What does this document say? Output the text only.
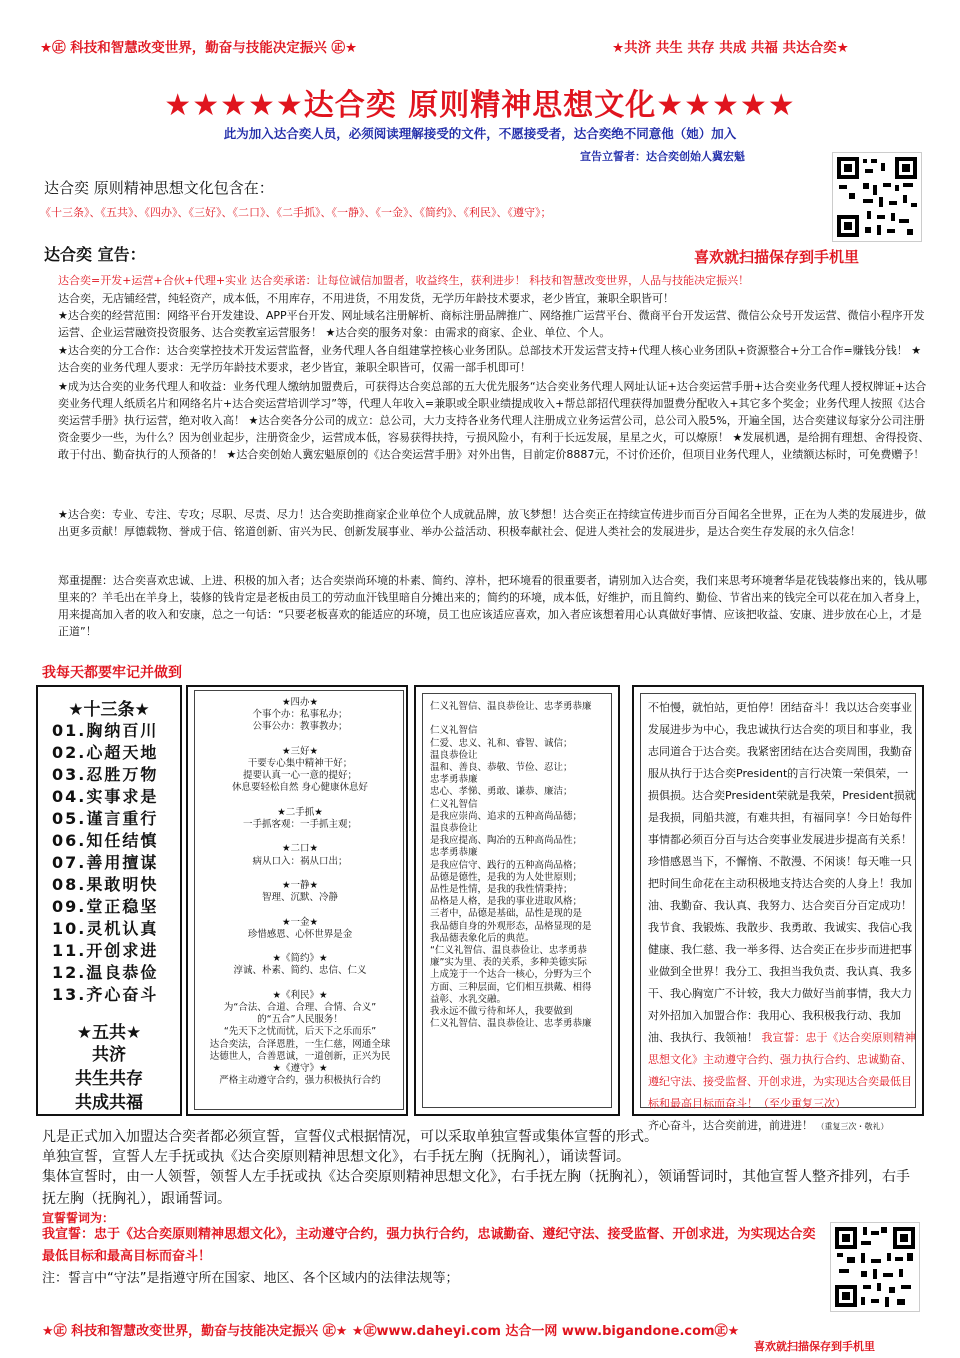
★㊣ 科技和智慧改变世界，勤奋与技能决定振兴 ㊣★	★共济 共生 共存 共成 共福 共达合奕★
★★★★★达合奕 原则精神思想文化★★★★★
此为加入达合奕人员，必须阅读理解接受的文件，不愿接受者，达合奕绝不同意他（她）加入
宣告立誓者：达合奕创始人冀宏魁
达合奕 原则精神思想文化包含在：
《十三条》、《五共》、《四办》、《三好》、《二口》、《二手抓》、《一静》、《一金》、《简约》、《利民》、《遵守》；
达合奕 宣告：	喜欢就扫描保存到手机里
达合奕=开发+运营+合伙+代理+实业 达合奕承诺：让每位诚信加盟者，收益终生，获利进步！ 科技和智慧改变世界，人品与技能决定振兴！
达合奕，无店铺经营，纯轻资产，成本低，不用库存，不用进货，不用发货，无学历年龄技术要求，老少皆宜，兼职全职皆可！
★达合奕的经营范围：网络平台开发建设、APP平台开发、网址域名注册解析、商标注册品牌推广、网络推广运营平台、微商平台开发运营、微信公众号开发运营、微信小程序开发运营、企业运营融资投资服务、达合奕教室运营服务！ ★达合奕的服务对象：由需求的商家、企业、单位、个人。
★达合奕的分工合作：达合奕掌控技术开发运营监督，业务代理人各自组建掌控核心业务团队。总部技术开发运营支持+代理人核心业务团队+资源整合+分工合作=赚钱分钱！ ★达合奕的业务代理人要求：无学历年龄技术要求，老少皆宜，兼职全职皆可，仅需一部手机即可！
★成为达合奕的业务代理人和收益：业务代理人缴纳加盟费后，可获得达合奕总部的五大优先服务“达合奕业务代理人网址认证+达合奕运营手册+达合奕业务代理人授权牌证+达合奕业务代理人纸质名片和网络名片+达合奕运营培训学习”等，代理人年收入=兼职或全职业绩提成收入+帮总部招代理获得加盟费分配收入+其它多个奖金；业务代理人按照《达合奕运营手册》执行运营，绝对收入高！ ★达合奕各分公司的成立：总公司，大力支持各业务代理人注册成立业务运营公司，总公司入股5%，开遍全国，达合奕建议每家分公司注册资金要少一些，为什么？因为创业起步，注册资金少，运营成本低，容易获得扶持，亏损风险小，有利于长远发展，星星之火，可以燎原！ ★发展机遇，是给拥有理想、舍得投资、敢于付出、勤奋执行的人预备的！ ★达合奕创始人冀宏魁原创的《达合奕运营手册》对外出售，目前定价8887元，不讨价还价，但项目业务代理人，业绩额达标时，可免费赠予！
★达合奕：专业、专注、专攻；尽职、尽责、尽力！达合奕助推商家企业单位个人成就品牌，放飞梦想！达合奕正在持续宣传进步而百分百闻名全世界，正在为人类的发展进步，做出更多贡献！厚德载物、誉成于信、铭道创新、宙兴为民、创新发展事业、举办公益活动、积极奉献社会、促进人类社会的发展进步，是达合奕生存发展的永久信念！
郑重提醒：达合奕喜欢忠诚、上进、积极的加入者；达合奕崇尚环境的朴素、简约、淳朴，把环境看的很重要者，请别加入达合奕，我们来思考环境奢华是花钱装修出来的，钱从哪里来的？羊毛出在羊身上，装修的钱肯定是老板由员工的劳动血汗钱里暗自分摊出来的；简约的环境，成本低，好维护，而且简约、勤俭、节省出来的钱完全可以花在加入者身上，用来提高加入者的收入和安康，总之一句话：“只要老板喜欢的能适应的环境，员工也应该适应喜欢，加入者应该想着用心认真做好事情、应该把收益、安康、进步放在心上，才是正道”！
我每天都要牢记并做到
★十三条★
01.胸纳百川
02.心超天地
03.忍胜万物
04.实事求是
05.谨言重行
06.知任结慎
07.善用擅谋
08.果敢明快
09.堂正稳坚
10.灵机认真
11.开创求进
12.温良恭俭
13.齐心奋斗
★五共★
共济
共生共存
共成共福
★四办★
个事个办：私事私办；
公事公办：教事教办；

★三好★
干要专心集中精神干好；
提要认真一心一意的提好；
休息要轻松自然 身心健康休息好

★二手抓★
一手抓客观：一手抓主观；

★二口★
病从口入：祸从口出；

★一静★
智理、沉默、冷静

★一金★
珍惜感恩、心怀世界是金

★《简约》★
淳诚、朴素、简约、忠信、仁义

★《利民》★
为“合法、合道、合理、合情、合义”
的“五合”人民服务！
“先天下之忧而忧，后天下之乐而乐”
达合奕法，合泽恩胜，一生仁慈，网通全球
达德世人，合善恩诚，一道创新，正兴为民
★《遵守》★
严格主动遵守合约，强力积极执行合约
仁义礼智信、温良恭俭让、忠孝勇恭廉

仁义礼智信
仁爱、忠义、礼和、睿智、诚信；
温良恭俭让
温和、善良、恭敬、节俭、忍让；
忠孝勇恭廉
忠心、孝悌、勇敢、谦恭、廉洁；
仁义礼智信
是我应崇尚、追求的五种高尚品德；
温良恭俭让
是我应提高、陶冶的五种高尚品性；
忠孝勇恭廉
是我应信守、践行的五种高尚品格；
品德是德性，是我的为人处世原则；
品性是性情，是我的我性情秉持；
品格是人格，是我的事业进取风格；
三者中，品德是基础，品性是现的是
我品德自身的外观形态，品格显现的是
我品德表象化后的典范。
“仁义礼智信、温良恭俭让、忠孝勇恭
廉”实为里、表的关系，多种美德实际
上成笼于一个达合一核心，分野为三个
方面、三种层面，它们相互拱戴、相得
益彰、水乳交融。
我永远不做亏待和坏人，我要做到
仁义礼智信、温良恭俭让、忠孝勇恭廉
不怕慢，就怕站，更怕停！团结奋斗！我以达合奕事业发展进步为中心，我忠诚执行达合奕的项目和事业，我志同道合于达合奕。我紧密团结在达合奕周围，我勤奋服从执行于达合奕President的言行决策一荣俱荣，一损俱损。达合奕President荣就是我荣，President损就是我损，同船共渡，有难共担，有福同享！今日始每件事情都必须百分百与达合奕事业发展进步提高有关系！珍惜感恩当下，不懈惰、不散漫、不闲谈！每天唯一只把时间生命花在主动积极地支持达合奕的人身上！我加油、我勤奋、我认真、我努力、达合奕百分百定成功！我节食、我锻炼、我散步、我勇敢、我诚实、我信心我健康、我仁慈、我一举多得、达合奕正在步步而进把事业做到全世界！我分工、我担当我负责、我认真、我多干、我心胸宽广不计较，我大力做好当前事情，我大力对外招加入加盟合作：我用心、我积极我行动、我加油、我执行、我领袖！ 我宣誓：忠于《达合奕原则精神思想文化》主动遵守合约、强力执行合约、忠诚勤奋、遵纪守法、接受监督、开创求进，为实现达合奕最低目标和最高目标而奋斗！（至少重复三次）
齐心奋斗，达合奕前进，前进进！ （重复三次・敬礼）
凡是正式加入加盟达合奕者都必须宣誓，宣誓仪式根据情况，可以采取单独宣誓或集体宣誓的形式。
单独宣誓，宣誓人左手抚或执《达合奕原则精神思想文化》，右手抚左胸（抚胸礼），诵读誓词。
集体宣誓时，由一人领誓，领誓人左手抚或执《达合奕原则精神思想文化》，右手抚左胸（抚胸礼），领诵誓词时，其他宣誓人整齐排列，右手抚左胸（抚胸礼），跟诵誓词。
宣誓誓词为：
我宣誓：忠于《达合奕原则精神思想文化》，主动遵守合约，强力执行合约，忠诚勤奋、遵纪守法、接受监督、开创求进，为实现达合奕最低目标和最高目标而奋斗！
注：誓言中“守法”是指遵守所在国家、地区、各个区域内的法律法规等；
★㊣ 科技和智慧改变世界，勤奋与技能决定振兴 ㊣★ ★㊣www.daheyi.com 达合一网 www.bigandone.com㊣★
喜欢就扫描保存到手机里
